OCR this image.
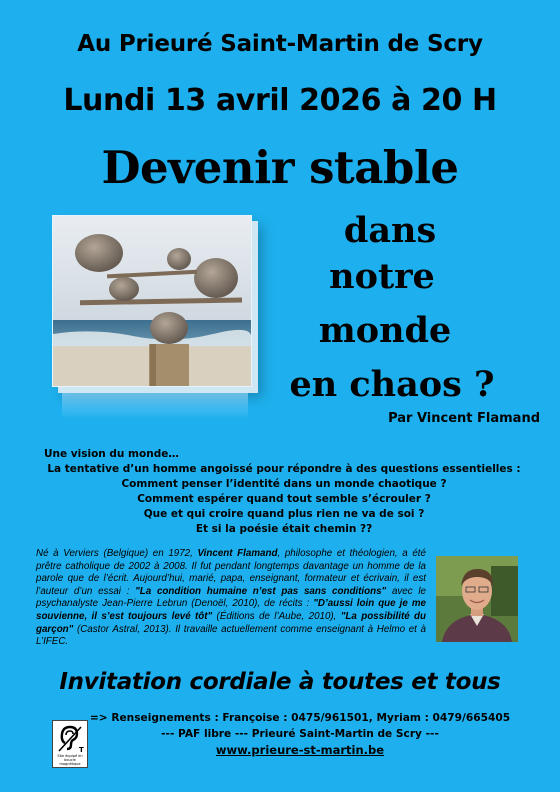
Au Prieuré Saint-Martin de Scry
Lundi 13 avril 2026 à 20 H
Devenir stable
dans
notre
monde
en chaos ?
Par Vincent Flamand
Une vision du monde…
La tentative d’un homme angoissé pour répondre à des questions essentielles :
Comment penser l’identité dans un monde chaotique ?
Comment espérer quand tout semble s’écrouler ?
Que et qui croire quand plus rien ne va de soi ?
Et si la poésie était chemin ??
Né à Verviers (Belgique) en 1972, Vincent Flamand, philosophe et théologien, a été prêtre catholique de 2002 à 2008. Il fut pendant longtemps davantage un homme de la parole que de l’écrit. Aujourd’hui, marié, papa, enseignant, formateur et écrivain, il est l’auteur d’un essai : "La condition humaine n’est pas sans conditions" avec le psychanalyste Jean-Pierre Lebrun (Denoël, 2010), de récits : "D’aussi loin que je me souvienne, il s’est toujours levé tôt" (Éditions de l’Aube, 2010), "La possibilité du garçon" (Castor Astral, 2013). Il travaille actuellement comme enseignant à Helmo et à L’IFEC.
Invitation cordiale à toutes et tous
T
Site équipé en boucle magnétique
=> Renseignements : Françoise : 0475/961501, Myriam : 0479/665405
--- PAF libre --- Prieuré Saint-Martin de Scry ---
www.prieure-st-martin.be
